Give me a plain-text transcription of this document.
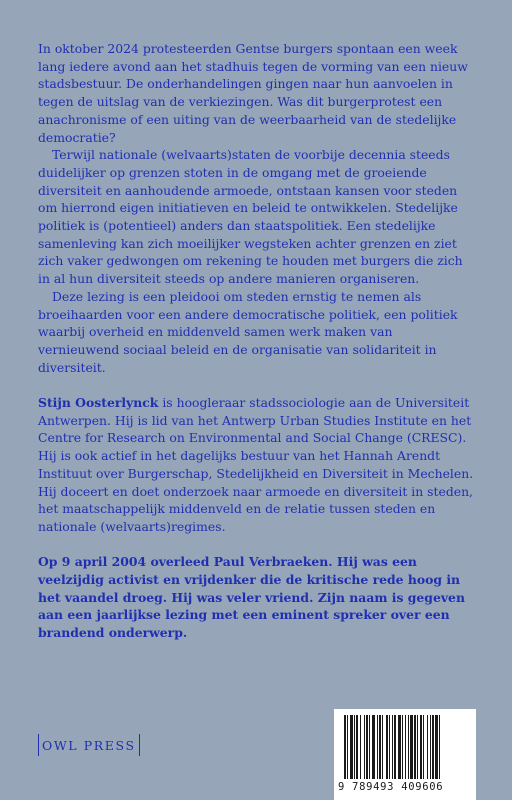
In oktober 2024 protesteerden Gentse burgers spontaan een week lang iedere avond aan het stadhuis tegen de vorming van een nieuw stadsbestuur. De onderhandelingen gingen naar hun aanvoelen in tegen de uitslag van de verkiezingen. Was dit burgerprotest een anachronisme of een uiting van de weerbaarheid van de stedelijke democratie?

Terwijl nationale (welvaarts)staten de voorbije decennia steeds duidelijker op grenzen stoten in de omgang met de groeiende diversiteit en aanhoudende armoede, ontstaan kansen voor steden om hierrond eigen initiatieven en beleid te ontwikkelen. Stedelijke politiek is (potentieel) anders dan staatspolitiek. Een stedelijke samenleving kan zich moeilijker wegsteken achter grenzen en ziet zich vaker gedwongen om rekening te houden met burgers die zich in al hun diversiteit steeds op andere manieren organiseren.

Deze lezing is een pleidooi om steden ernstig te nemen als broeihaarden voor een andere democratische politiek, een politiek waarbij overheid en middenveld samen werk maken van vernieuwend sociaal beleid en de organisatie van solidariteit in diversiteit.

Stijn Oosterlynck is hoogleraar stadssociologie aan de Universiteit Antwerpen. Hij is lid van het Antwerp Urban Studies Institute en het Centre for Research on Environmental and Social Change (CRESC). Hij is ook actief in het dagelijks bestuur van het Hannah Arendt Instituut over Burgerschap, Stedelijkheid en Diversiteit in Mechelen. Hij doceert en doet onderzoek naar armoede en diversiteit in steden, het maatschappelijk middenveld en de relatie tussen steden en nationale (welvaarts)regimes.

Op 9 april 2004 overleed Paul Verbraeken. Hij was een veelzijdig activist en vrijdenker die de kritische rede hoog in het vaandel droeg. Hij was veler vriend. Zijn naam is gegeven aan een jaarlijkse lezing met een eminent spreker over een brandend onderwerp.

OWL PRESS
9 789493 409606
